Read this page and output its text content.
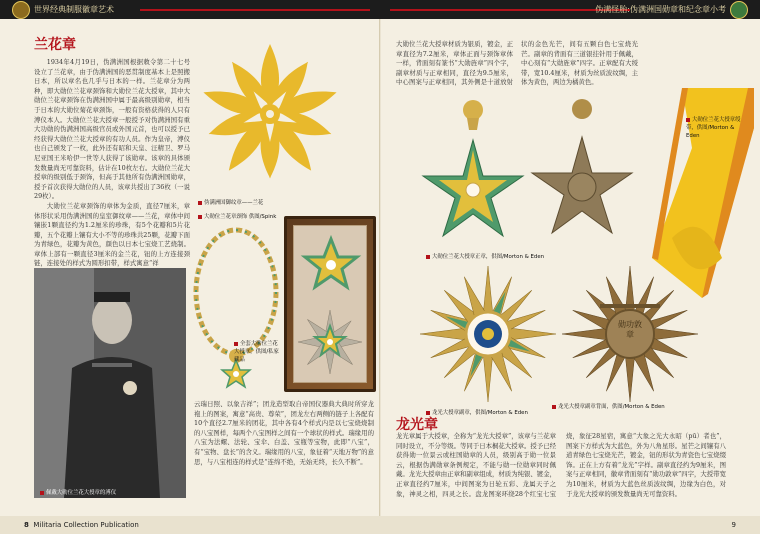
世界经典制服徽章艺术	伪满怪胎:伪满洲国勋章和纪念章小考
兰花章

1934年4月19日，伪满洲国根据敕令第二十七号设立了兰花章，由于伪满洲国的恶贯制度基本上是照搬日本，所以章名也几乎与日本的一样。兰花章分为两种，即大勋位兰花章颈饰和大勋位兰花大授章，其中大勋位兰花章颈饰在伪满洲国中属于最高级别勋章，相当于日本的大勋位菊花章颈饰，一般有资格获得的人只有溥仪本人。大勋位兰花大授章一般授予对伪满洲国有重大功勋的伪满洲国高级官员或外国元首，也可以授予已经获得大勋位兰花大授章的有功人员。作为皇帝，溥仪也自己颁发了一枚，此外还有昭和天皇、汪精卫、罗马尼亚国王米哈伊一世等人获得了该勋章。该章的具体颁发数量尚无可靠资料，估计在10枚左右。大勋位兰花大授章的级别低于颈饰，但高于其他所有伪满洲国勋章，授予首次获得大勋位的人员，该章共授出了36枚（一说29枚）。

大勋位兰花章颈饰的章体为金质，直径7厘米，章体形状采用伪满洲国的皇室御纹章——兰花，章体中间镶嵌1颗直径约为1.2厘米的珍珠，有5个花瓣和5片花瓣，五个花瓣上镶有大小不等的珍珠共25颗，花瓣下面为青绿色，花瓣为黄色，颜色以日本七宝烧工艺烧制。章体上部有一颗直径3厘米的金兰花，钮的上方连接颈链，连接处的样式为圆形扣带，样式寓意“祥

伪满洲国御纹章——兰花
大勋位兰花章颈饰 供图/Spink
全套大勋位兰花大授章，供图/私家藏品
佩戴大勋位兰花大授章的溥仪
云瑞日照、以象吉祥”；团龙造型取自帝国仪器典大典时所穿龙袍上的图案，寓意“高贵、尊荣”，团龙左右两侧的链子上各配有10个直径2.7厘米的团花，其中各有4个样式内是以七宝烧烧制的八宝图样，每两个八宝图样之间有一个球状的样式。瑞缘用的八宝为法螺、法轮、宝伞、白盖、宝瓶等宝物，此即“八宝”，有“宝物、盘长”的含义。瑞缘用的八宝，象征着“天地万物”的意思，与八宝相连的样式是“连绵不绝，无始无终，长久不断”。
大勋位兰花大授章材质为银质，镀金，正章直径为7.2厘米，章体正面与颈饰章体一样，背面刻有篆书“大勋旌章”四个字，副章材质与正章相同，直径为9.5厘米，中心图案与正章相同，其外侧是十道放射状的金色光芒，间有五颗白色七宝烧光芒。副章的背面有三道银挂针用于佩戴，中心刻有“大勋旌章”四字。正章配有大绶带，宽10.4厘米，材质为丝质波纹绸，主体为黄色，两边为橘黄色。
大勋位兰花大授章绶带，供图/Morton & Eden
大勋位兰花大授章正章，供图/Morton & Eden
勋功敦章
龙光大授章副章背面，供图/Morton & Eden
龙光大授章副章，供图/Morton & Eden
龙光章
龙光章属于大授章，全称为“龙光大授章”，该章与兰花章同时设立，不分等级。等同于日本桐花大授章。授予已经获得勋一位景云或柱国勋章的人员，级别高于勋一位景云，根据伪满勋章条例规定，不能与勋一位勋章同时佩戴。龙光大授章由正章和副章组成，材质为纯银、镀金，正章直径约7厘米，中间图案为日轮五彩、龙属天子之象，神灵之相，四灵之长。盘龙图案环绕28个红宝七宝烧，象征28星宿，寓意“大象之光大永昭（pū）者也”，图案下方样式为大蓝色，外为八角星形。星芒之间镶有八道青绿色七宝烧光芒，镀金，钮的形状为青瓷色七宝烧缀饰。正在上方有着“龙光”字样。副章直径约为9厘米，图案与正章相同，徽章背面刻有“勋功敦章”四字，大授带宽为10厘米，材质为大蓝色丝质波纹绸，边缘为白色，对于龙光大授章的颁发数量尚无可靠资料。
8 Militaria Collection Publication	9
